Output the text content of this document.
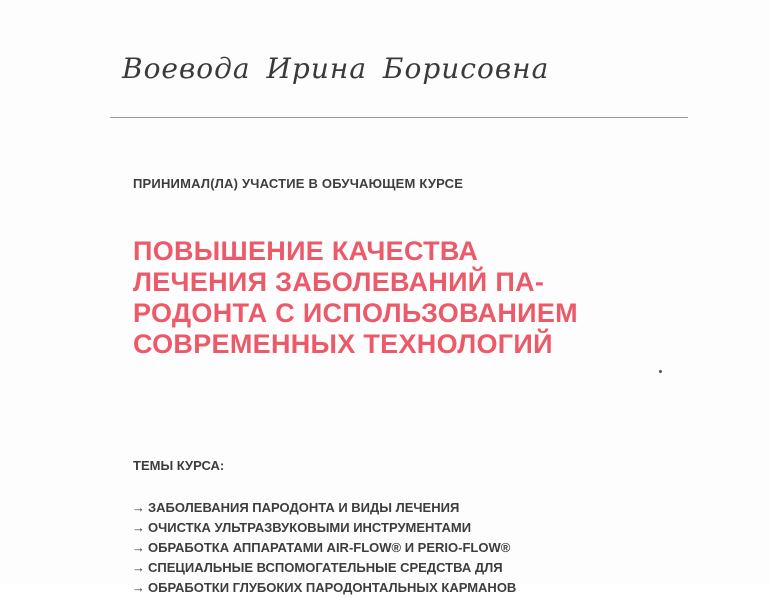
Воевода Ирина Борисовна
ПРИНИМАЛ(ЛА) УЧАСТИЕ В ОБУЧАЮЩЕМ КУРСЕ
ПОВЫШЕНИЕ КАЧЕСТВА
ЛЕЧЕНИЯ ЗАБОЛЕВАНИЙ ПА-
РОДОНТА С ИСПОЛЬЗОВАНИЕМ
СОВРЕМЕННЫХ ТЕХНОЛОГИЙ
ТЕМЫ КУРСА:
→ ЗАБОЛЕВАНИЯ ПАРОДОНТА И ВИДЫ ЛЕЧЕНИЯ
→ ОЧИСТКА УЛЬТРАЗВУКОВЫМИ ИНСТРУМЕНТАМИ
→ ОБРАБОТКА АППАРАТАМИ AIR-FLOW® И PERIO-FLOW®
→ СПЕЦИАЛЬНЫЕ ВСПОМОГАТЕЛЬНЫЕ СРЕДСТВА ДЛЯ
→ ОБРАБОТКИ ГЛУБОКИХ ПАРОДОНТАЛЬНЫХ КАРМАНОВ
